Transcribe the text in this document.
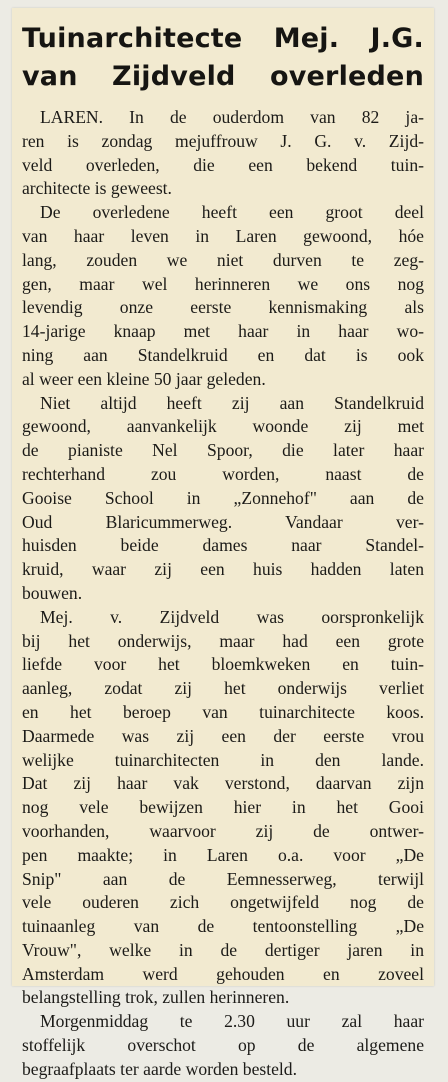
Tuinarchitecte Mej. J.G.
van Zijdveld overleden
LAREN. In de ouderdom van 82 ja-
ren is zondag mejuffrouw J. G. v. Zijd-
veld overleden, die een bekend tuin-
architecte is geweest.
De overledene heeft een groot deel
van haar leven in Laren gewoond, hóe
lang, zouden we niet durven te zeg-
gen, maar wel herinneren we ons nog
levendig onze eerste kennismaking als
14-jarige knaap met haar in haar wo-
ning aan Standelkruid en dat is ook
al weer een kleine 50 jaar geleden.
Niet altijd heeft zij aan Standelkruid
gewoond, aanvankelijk woonde zij met
de pianiste Nel Spoor, die later haar
rechterhand zou worden, naast de
Gooise School in „Zonnehof" aan de
Oud Blaricummerweg. Vandaar ver-
huisden beide dames naar Standel-
kruid, waar zij een huis hadden laten
bouwen.
Mej. v. Zijdveld was oorspronkelijk
bij het onderwijs, maar had een grote
liefde voor het bloemkweken en tuin-
aanleg, zodat zij het onderwijs verliet
en het beroep van tuinarchitecte koos.
Daarmede was zij een der eerste vrou
welijke tuinarchitecten in den lande.
Dat zij haar vak verstond, daarvan zijn
nog vele bewijzen hier in het Gooi
voorhanden, waarvoor zij de ontwer-
pen maakte; in Laren o.a. voor „De
Snip" aan de Eemnesserweg, terwijl
vele ouderen zich ongetwijfeld nog de
tuinaanleg van de tentoonstelling „De
Vrouw", welke in de dertiger jaren in
Amsterdam werd gehouden en zoveel
belangstelling trok, zullen herinneren.
Morgenmiddag te 2.30 uur zal haar
stoffelijk overschot op de algemene
begraafplaats ter aarde worden besteld.
